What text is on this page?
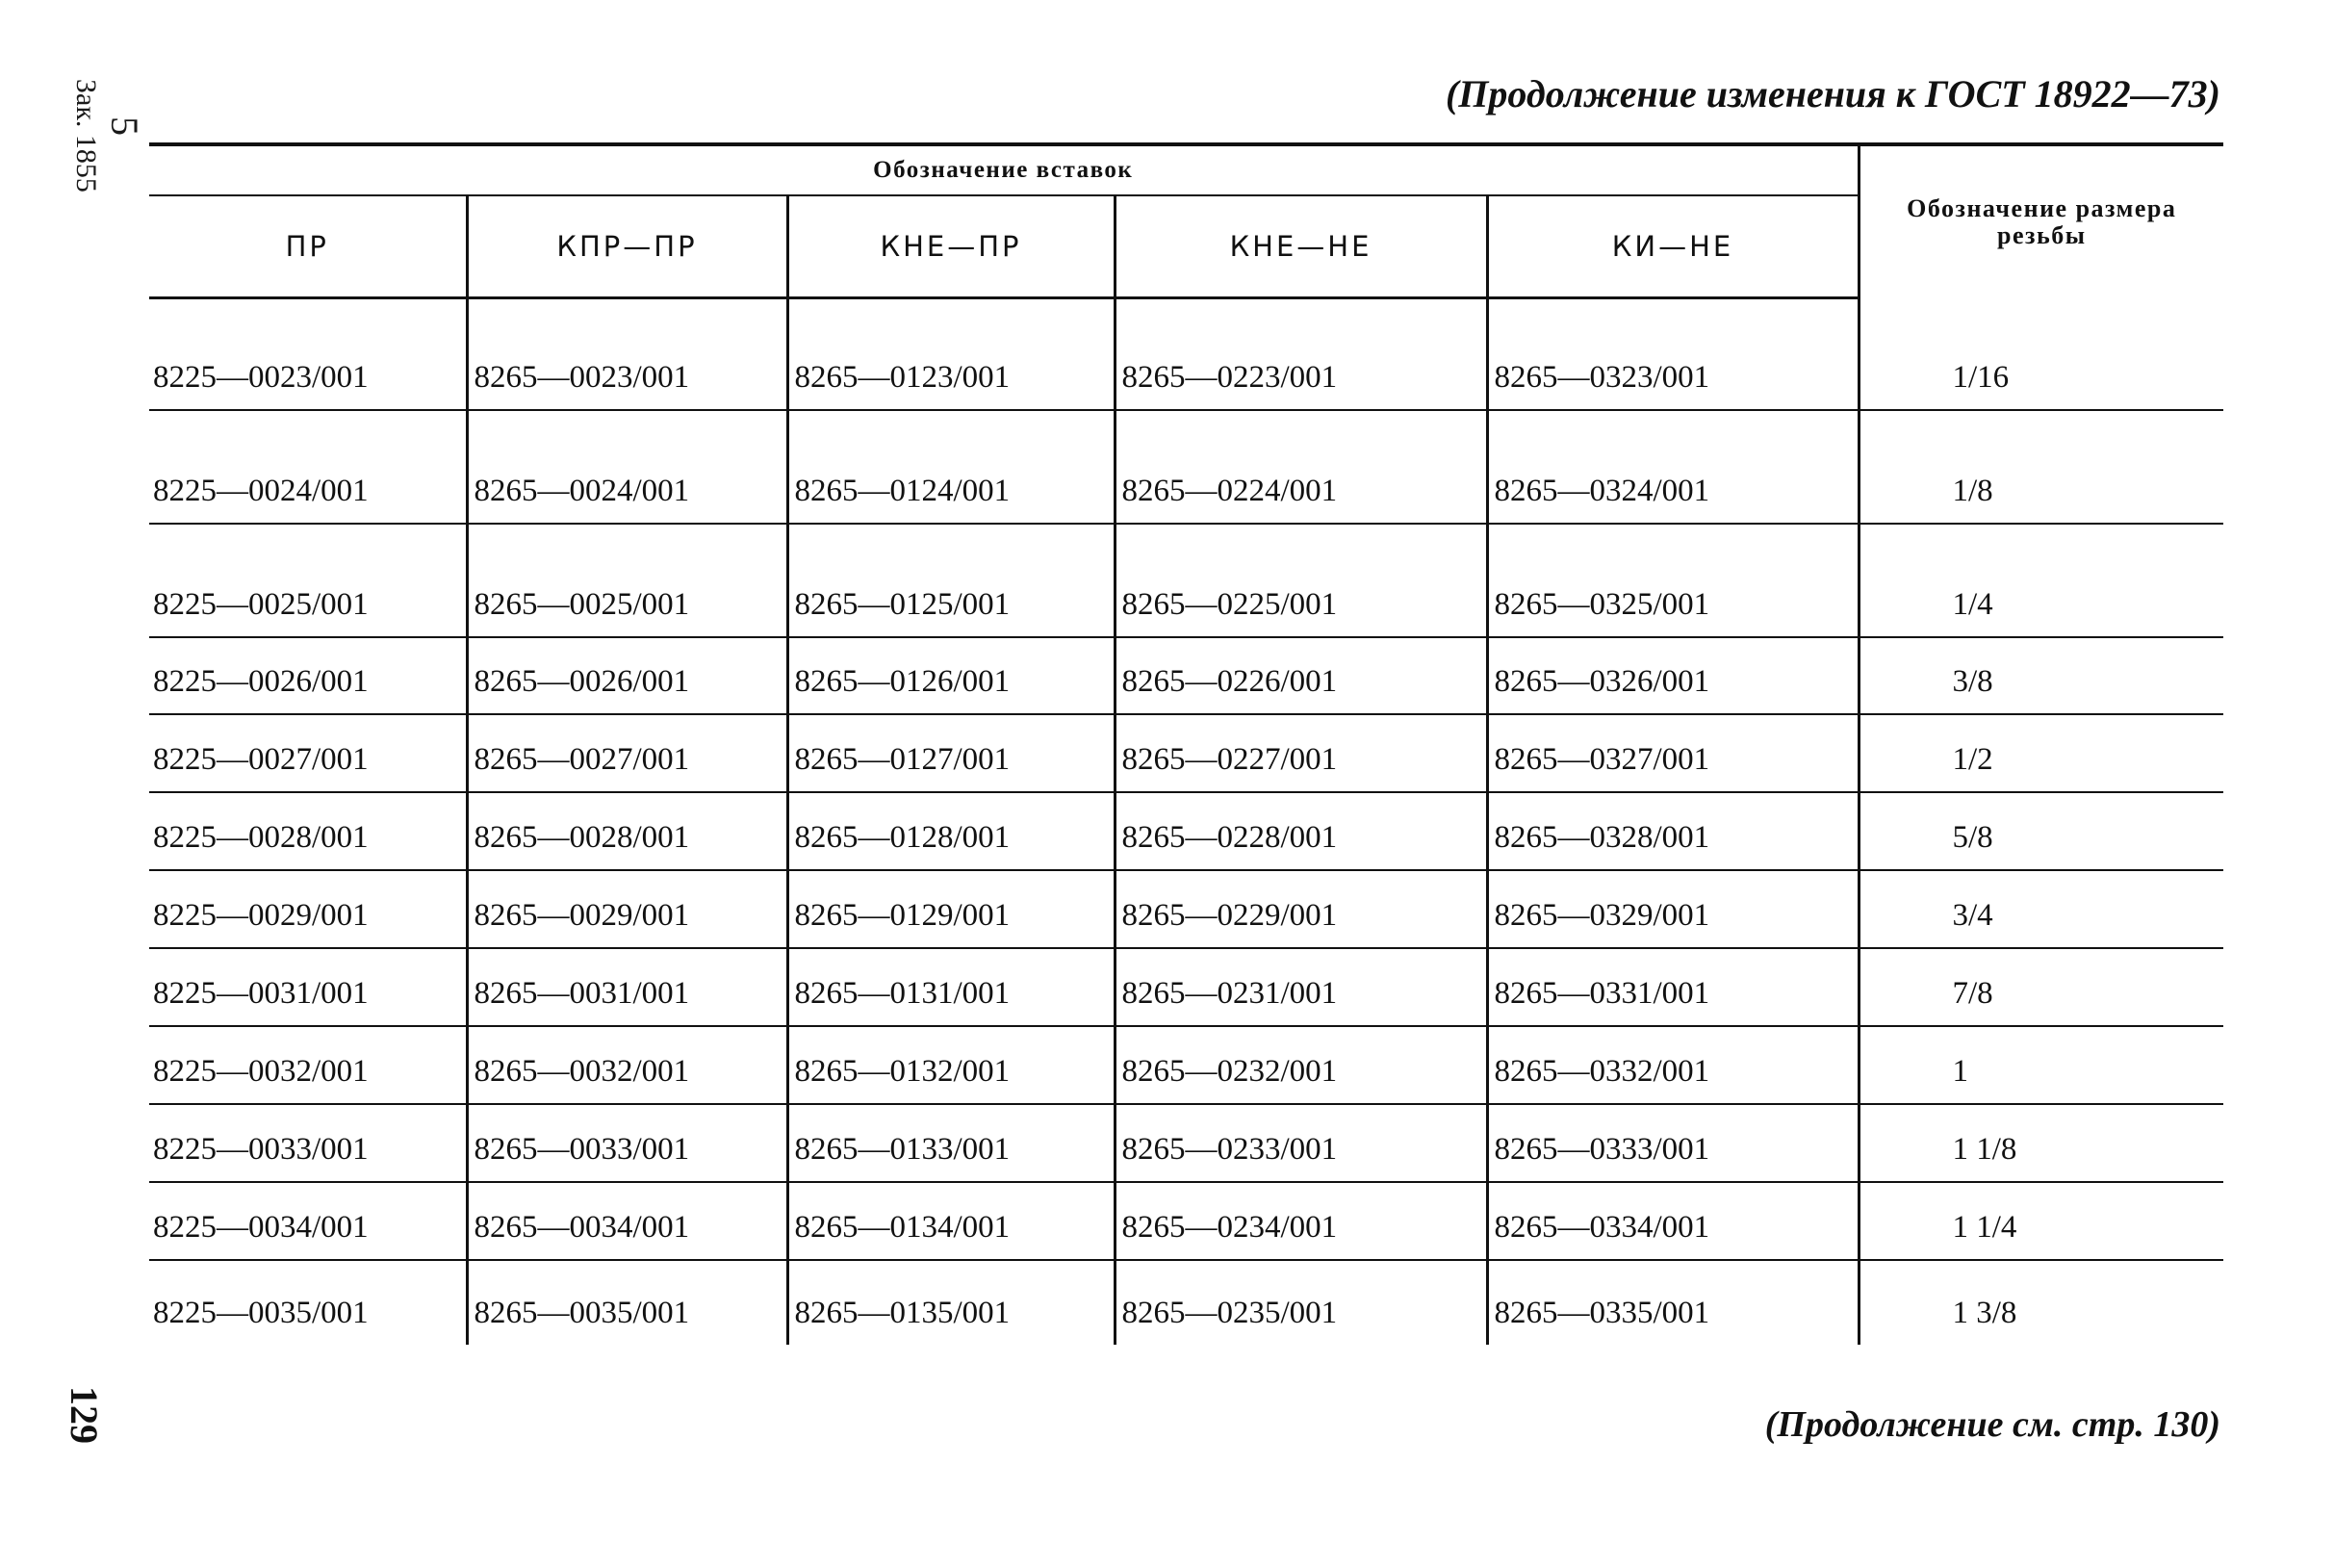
5
Зак. 1855	(Продолжение изменения к ГОСТ 18922—73)
Обозначение вставок					Обозначение размера резьбы
ПР	КПР—ПР	КНЕ—ПР	КНЕ—НЕ	КИ—НЕ	
8225—0023/001	8265—0023/001	8265—0123/001	8265—0223/001	8265—0323/001	1/16
8225—0024/001	8265—0024/001	8265—0124/001	8265—0224/001	8265—0324/001	1/8
8225—0025/001	8265—0025/001	8265—0125/001	8265—0225/001	8265—0325/001	1/4
8225—0026/001	8265—0026/001	8265—0126/001	8265—0226/001	8265—0326/001	3/8
8225—0027/001	8265—0027/001	8265—0127/001	8265—0227/001	8265—0327/001	1/2
8225—0028/001	8265—0028/001	8265—0128/001	8265—0228/001	8265—0328/001	5/8
8225—0029/001	8265—0029/001	8265—0129/001	8265—0229/001	8265—0329/001	3/4
8225—0031/001	8265—0031/001	8265—0131/001	8265—0231/001	8265—0331/001	7/8
8225—0032/001	8265—0032/001	8265—0132/001	8265—0232/001	8265—0332/001	1
8225—0033/001	8265—0033/001	8265—0133/001	8265—0233/001	8265—0333/001	1 1/8
8225—0034/001	8265—0034/001	8265—0134/001	8265—0234/001	8265—0334/001	1 1/4
8225—0035/001	8265—0035/001	8265—0135/001	8265—0235/001	8265—0335/001	1 3/8
129	(Продолжение см. стр. 130)
